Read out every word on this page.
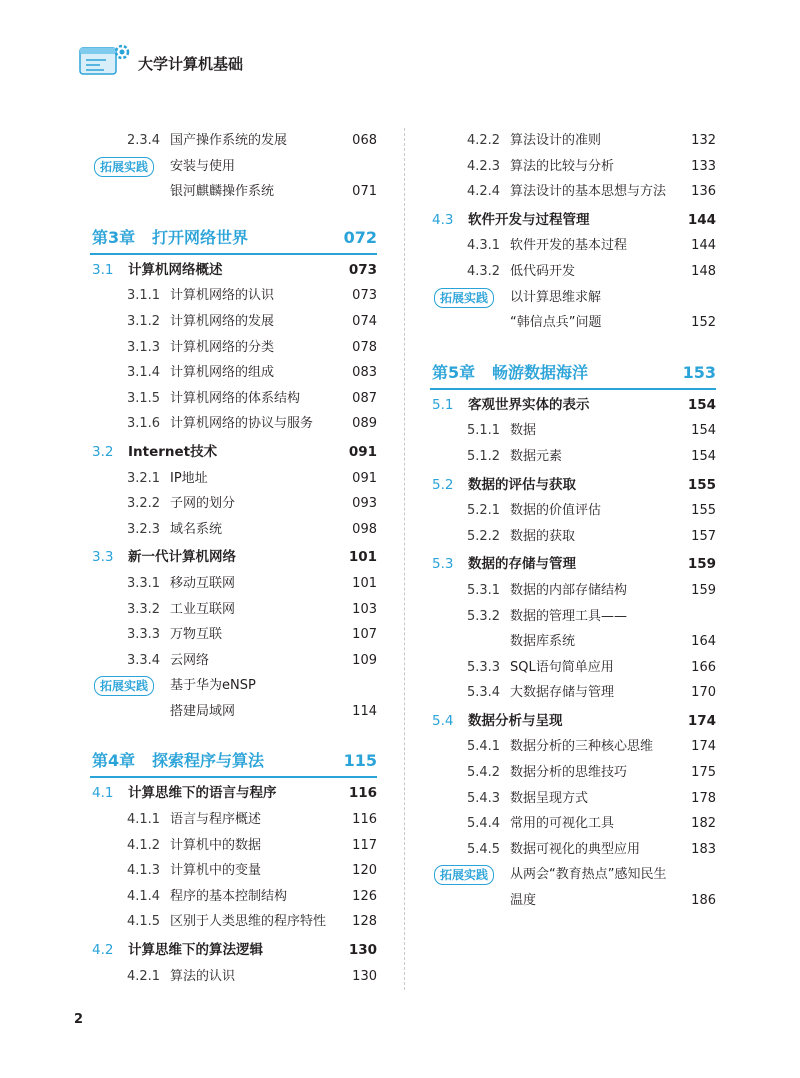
大学计算机基础
2.3.4 国产操作系统的发展	068
拓展实践	安装与使用
银河麒麟操作系统	071
第3章 打开网络世界	072
3.1 计算机网络概述	073
3.1.1 计算机网络的认识	073
3.1.2 计算机网络的发展	074
3.1.3 计算机网络的分类	078
3.1.4 计算机网络的组成	083
3.1.5 计算机网络的体系结构	087
3.1.6 计算机网络的协议与服务	089
3.2 Internet技术	091
3.2.1 IP地址	091
3.2.2 子网的划分	093
3.2.3 域名系统	098
3.3 新一代计算机网络	101
3.3.1 移动互联网	101
3.3.2 工业互联网	103
3.3.3 万物互联	107
3.3.4 云网络	109
拓展实践	基于华为eNSP
搭建局域网	114
第4章 探索程序与算法	115
4.1 计算思维下的语言与程序	116
4.1.1 语言与程序概述	116
4.1.2 计算机中的数据	117
4.1.3 计算机中的变量	120
4.1.4 程序的基本控制结构	126
4.1.5 区别于人类思维的程序特性 128
4.2 计算思维下的算法逻辑	130
4.2.1 算法的认识	130
4.2.2 算法设计的准则	132
4.2.3 算法的比较与分析	133
4.2.4 算法设计的基本思想与方法 136
4.3 软件开发与过程管理	144
4.3.1 软件开发的基本过程	144
4.3.2 低代码开发	148
拓展实践	以计算思维求解
“韩信点兵”问题	152
第5章 畅游数据海洋	153
5.1 客观世界实体的表示	154
5.1.1 数据	154
5.1.2 数据元素	154
5.2 数据的评估与获取	155
5.2.1 数据的价值评估	155
5.2.2 数据的获取	157
5.3 数据的存储与管理	159
5.3.1 数据的内部存储结构	159
5.3.2 数据的管理工具——
数据库系统	164
5.3.3 SQL语句简单应用	166
5.3.4 大数据存储与管理	170
5.4 数据分析与呈现	174
5.4.1 数据分析的三种核心思维	174
5.4.2 数据分析的思维技巧	175
5.4.3 数据呈现方式	178
5.4.4 常用的可视化工具	182
5.4.5 数据可视化的典型应用	183
拓展实践	从两会“教育热点”感知民生
温度	186
2
